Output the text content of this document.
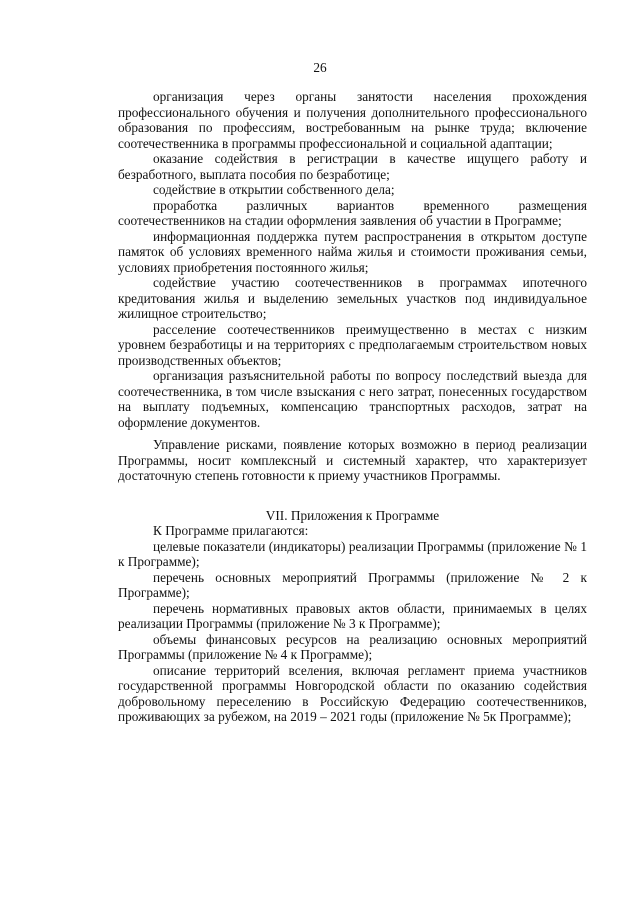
26

организация через органы занятости населения прохождения профессионального обучения и получения дополнительного профессионального образования по профессиям, востребованным на рынке труда; включение соотечественника в программы профессиональной и социальной адаптации;

оказание содействия в регистрации в качестве ищущего работу и безработного, выплата пособия по безработице;

содействие в открытии собственного дела;

проработка различных вариантов временного размещения соотечественников на стадии оформления заявления об участии в Программе;

информационная поддержка путем распространения в открытом доступе памяток об условиях временного найма жилья и стоимости проживания семьи, условиях приобретения постоянного жилья;

содействие участию соотечественников в программах ипотечного кредитования жилья и выделению земельных участков под индивидуальное жилищное строительство;

расселение соотечественников преимущественно в местах с низким уровнем безработицы и на территориях с предполагаемым строительством новых производственных объектов;

организация разъяснительной работы по вопросу последствий выезда для соотечественника, в том числе взыскания с него затрат, понесенных государством на выплату подъемных, компенсацию транспортных расходов, затрат на оформление документов.

Управление рисками, появление которых возможно в период реализации Программы, носит комплексный и системный характер, что характеризует достаточную степень готовности к приему участников Программы.

VII. Приложения к Программе

К Программе прилагаются:

целевые показатели (индикаторы) реализации Программы (приложение № 1 к Программе);

перечень основных мероприятий Программы (приложение № 2 к Программе);

перечень нормативных правовых актов области, принимаемых в целях реализации Программы (приложение № 3 к Программе);

объемы финансовых ресурсов на реализацию основных мероприятий Программы (приложение № 4 к Программе);

описание территорий вселения, включая регламент приема участников государственной программы Новгородской области по оказанию содействия добровольному переселению в Российскую Федерацию соотечественников, проживающих за рубежом, на 2019 – 2021 годы (приложение № 5к Программе);
